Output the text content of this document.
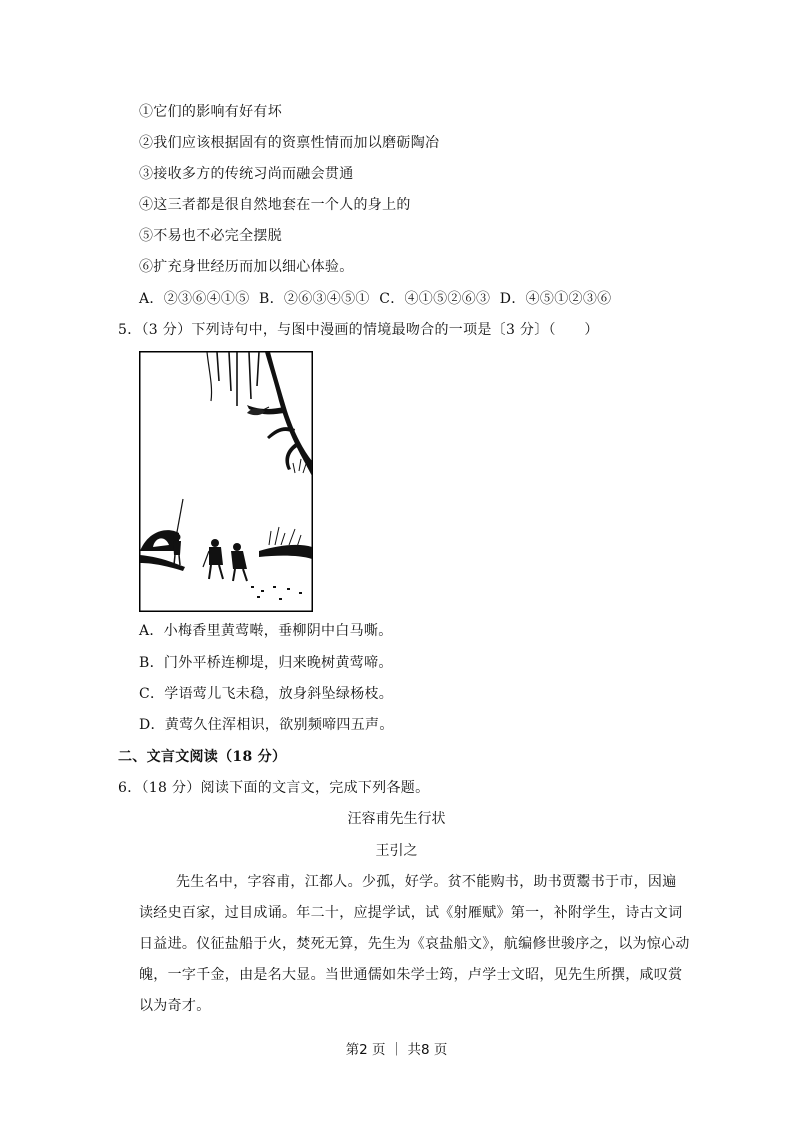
①它们的影响有好有坏
②我们应该根据固有的资禀性情而加以磨砺陶冶
③接收多方的传统习尚而融会贯通
④这三者都是很自然地套在一个人的身上的
⑤不易也不必完全摆脱
⑥扩充身世经历而加以细心体验。
A．②③⑥④①⑤  B．②⑥③④⑤①  C．④①⑤②⑥③  D．④⑤①②③⑥
5．（3 分）下列诗句中，与图中漫画的情境最吻合的一项是〔3 分〕（　　）
A．小梅香里黄莺啭，垂柳阴中白马嘶。
B．门外平桥连柳堤，归来晚树黄莺啼。
C．学语莺儿飞未稳，放身斜坠绿杨枝。
D．黄莺久住浑相识，欲别频啼四五声。
二、文言文阅读（18 分）
6．（18 分）阅读下面的文言文，完成下列各题。
汪容甫先生行状
王引之
先生名中，字容甫，江都人。少孤，好学。贫不能购书，助书贾鬻书于市，因遍
读经史百家，过目成诵。年二十，应提学试，试《射雁赋》第一，补附学生，诗古文词
日益进。仪征盐船于火，焚死无算，先生为《哀盐船文》，航编修世骏序之，以为惊心动
魄，一字千金，由是名大显。当世通儒如朱学士筠，卢学士文昭，见先生所撰，咸叹赏
以为奇才。
第2 页 ｜ 共8 页
